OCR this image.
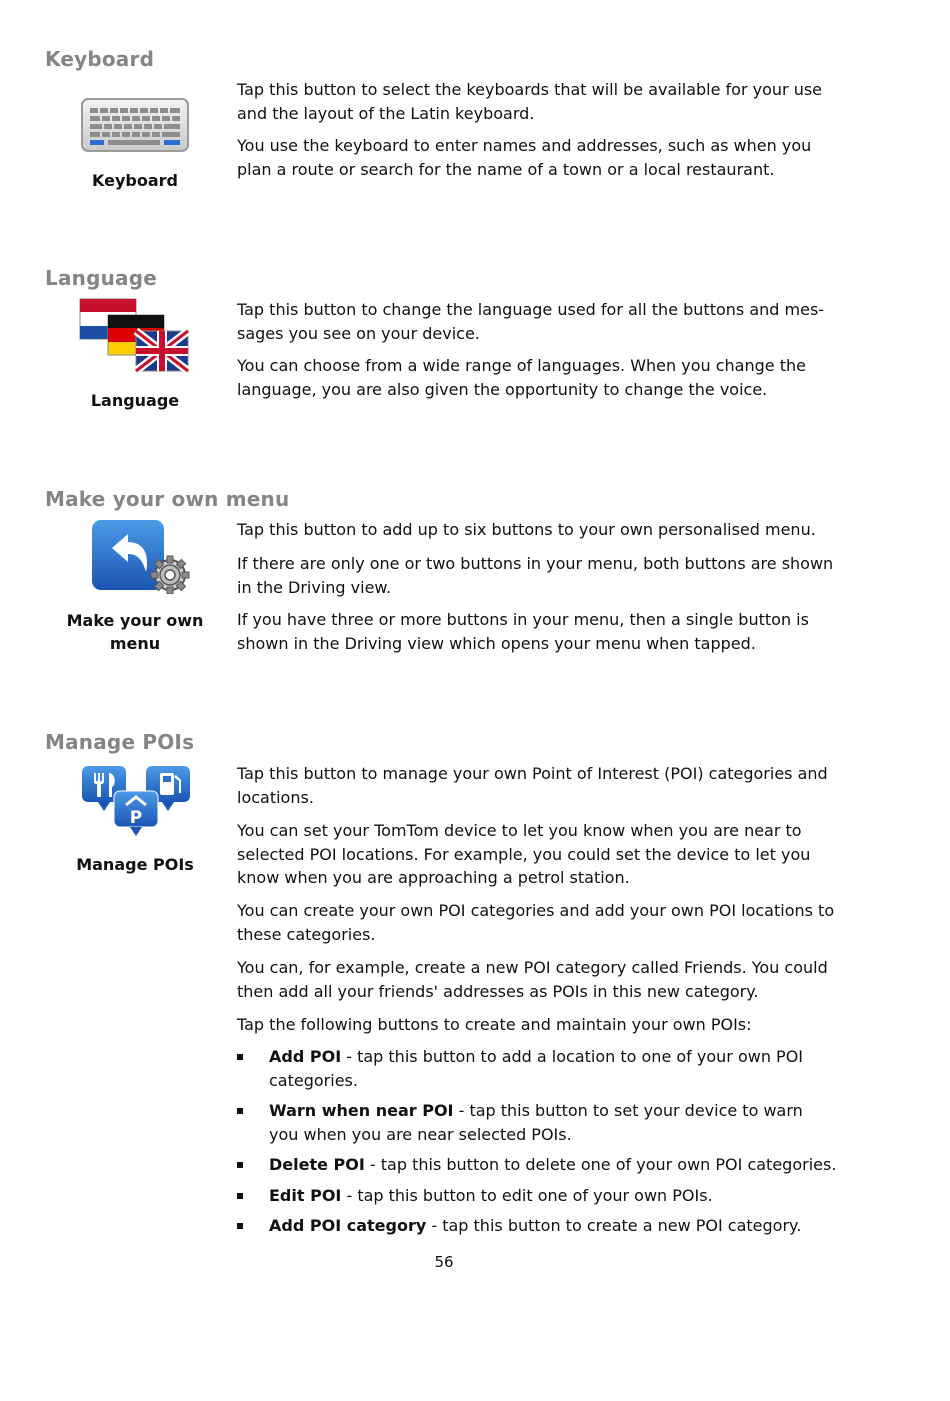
Keyboard
Keyboard

Tap this button to select the keyboards that will be available for your use and the layout of the Latin keyboard.

You use the keyboard to enter names and addresses, such as when you plan a route or search for the name of a town or a local restaurant.

Language
Language

Tap this button to change the language used for all the buttons and mes-sages you see on your device.

You can choose from a wide range of languages. When you change the language, you are also given the opportunity to change the voice.

Make your own menu
Make your own
menu

Tap this button to add up to six buttons to your own personalised menu.

If there are only one or two buttons in your menu, both buttons are shown in the Driving view.

If you have three or more buttons in your menu, then a single button is shown in the Driving view which opens your menu when tapped.

Manage POIs
P
Manage POIs

Tap this button to manage your own Point of Interest (POI) categories and locations.

You can set your TomTom device to let you know when you are near to selected POI locations. For example, you could set the device to let you know when you are approaching a petrol station.

You can create your own POI categories and add your own POI locations to these categories.

You can, for example, create a new POI category called Friends. You could then add all your friends' addresses as POIs in this new category.

Tap the following buttons to create and maintain your own POIs:

Add POI - tap this button to add a location to one of your own POI categories.
Warn when near POI - tap this button to set your device to warn you when you are near selected POIs.
Delete POI - tap this button to delete one of your own POI categories.
Edit POI - tap this button to edit one of your own POIs.
Add POI category - tap this button to create a new POI category.
56
